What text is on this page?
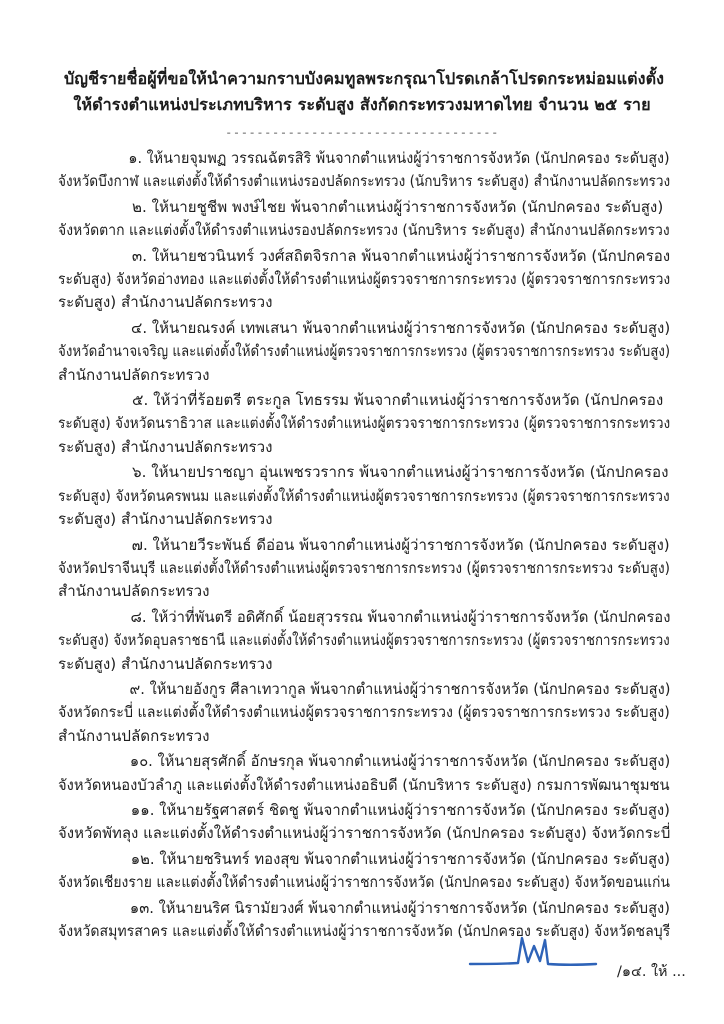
บัญชีรายชื่อผู้ที่ขอให้นำความกราบบังคมทูลพระกรุณาโปรดเกล้าโปรดกระหม่อมแต่งตั้ง
ให้ดำรงตำแหน่งประเภทบริหาร ระดับสูง สังกัดกระทรวงมหาดไทย จำนวน ๒๕ ราย
-----------------------------------
๑. ให้นายจุมพฏ วรรณฉัตรสิริ พ้นจากตำแหน่งผู้ว่าราชการจังหวัด (นักปกครอง ระดับสูง)จังหวัดบึงกาฬ และแต่งตั้งให้ดำรงตำแหน่งรองปลัดกระทรวง (นักบริหาร ระดับสูง) สำนักงานปลัดกระทรวง
๒. ให้นายชูชีพ พงษ์ไชย พ้นจากตำแหน่งผู้ว่าราชการจังหวัด (นักปกครอง ระดับสูง)
จังหวัดตาก และแต่งตั้งให้ดำรงตำแหน่งรองปลัดกระทรวง (นักบริหาร ระดับสูง) สำนักงานปลัดกระทรวง
๓. ให้นายชวนินทร์ วงศ์สถิตจิรกาล พ้นจากตำแหน่งผู้ว่าราชการจังหวัด (นักปกครองระดับสูง) จังหวัดอ่างทอง และแต่งตั้งให้ดำรงตำแหน่งผู้ตรวจราชการกระทรวง (ผู้ตรวจราชการกระทรวง
ระดับสูง) สำนักงานปลัดกระทรวง
๔. ให้นายณรงค์ เทพเสนา พ้นจากตำแหน่งผู้ว่าราชการจังหวัด (นักปกครอง ระดับสูง)จังหวัดอำนาจเจริญ และแต่งตั้งให้ดำรงตำแหน่งผู้ตรวจราชการกระทรวง (ผู้ตรวจราชการกระทรวง ระดับสูง)
สำนักงานปลัดกระทรวง
๕. ให้ว่าที่ร้อยตรี ตระกูล โทธรรม พ้นจากตำแหน่งผู้ว่าราชการจังหวัด (นักปกครอง
ระดับสูง) จังหวัดนราธิวาส และแต่งตั้งให้ดำรงตำแหน่งผู้ตรวจราชการกระทรวง (ผู้ตรวจราชการกระทรวง
ระดับสูง) สำนักงานปลัดกระทรวง
๖. ให้นายปราชญา อุ่นเพชรวรากร พ้นจากตำแหน่งผู้ว่าราชการจังหวัด (นักปกครอง
ระดับสูง) จังหวัดนครพนม และแต่งตั้งให้ดำรงตำแหน่งผู้ตรวจราชการกระทรวง (ผู้ตรวจราชการกระทรวง
ระดับสูง) สำนักงานปลัดกระทรวง
๗. ให้นายวีระพันธ์ ดีอ่อน พ้นจากตำแหน่งผู้ว่าราชการจังหวัด (นักปกครอง ระดับสูง)จังหวัดปราจีนบุรี และแต่งตั้งให้ดำรงตำแหน่งผู้ตรวจราชการกระทรวง (ผู้ตรวจราชการกระทรวง ระดับสูง)
สำนักงานปลัดกระทรวง
๘. ให้ว่าที่พันตรี อดิศักดิ์ น้อยสุวรรณ พ้นจากตำแหน่งผู้ว่าราชการจังหวัด (นักปกครองระดับสูง) จังหวัดอุบลราชธานี และแต่งตั้งให้ดำรงตำแหน่งผู้ตรวจราชการกระทรวง (ผู้ตรวจราชการกระทรวง
ระดับสูง) สำนักงานปลัดกระทรวง
๙. ให้นายอังกูร ศีลาเทวากูล พ้นจากตำแหน่งผู้ว่าราชการจังหวัด (นักปกครอง ระดับสูง)จังหวัดกระบี่ และแต่งตั้งให้ดำรงตำแหน่งผู้ตรวจราชการกระทรวง (ผู้ตรวจราชการกระทรวง ระดับสูง)
สำนักงานปลัดกระทรวง
๑๐. ให้นายสุรศักดิ์ อักษรกุล พ้นจากตำแหน่งผู้ว่าราชการจังหวัด (นักปกครอง ระดับสูง)จังหวัดหนองบัวลำภู และแต่งตั้งให้ดำรงตำแหน่งอธิบดี (นักบริหาร ระดับสูง) กรมการพัฒนาชุมชน
๑๑. ให้นายรัฐศาสตร์ ชิดชู พ้นจากตำแหน่งผู้ว่าราชการจังหวัด (นักปกครอง ระดับสูง)จังหวัดพัทลุง และแต่งตั้งให้ดำรงตำแหน่งผู้ว่าราชการจังหวัด (นักปกครอง ระดับสูง) จังหวัดกระบี่
๑๒. ให้นายชรินทร์ ทองสุข พ้นจากตำแหน่งผู้ว่าราชการจังหวัด (นักปกครอง ระดับสูง)จังหวัดเชียงราย และแต่งตั้งให้ดำรงตำแหน่งผู้ว่าราชการจังหวัด (นักปกครอง ระดับสูง) จังหวัดขอนแก่น
๑๓. ให้นายนริศ นิรามัยวงศ์ พ้นจากตำแหน่งผู้ว่าราชการจังหวัด (นักปกครอง ระดับสูง)จังหวัดสมุทรสาคร และแต่งตั้งให้ดำรงตำแหน่งผู้ว่าราชการจังหวัด (นักปกครอง ระดับสูง) จังหวัดชลบุรี
/๑๔. ให้ ...
